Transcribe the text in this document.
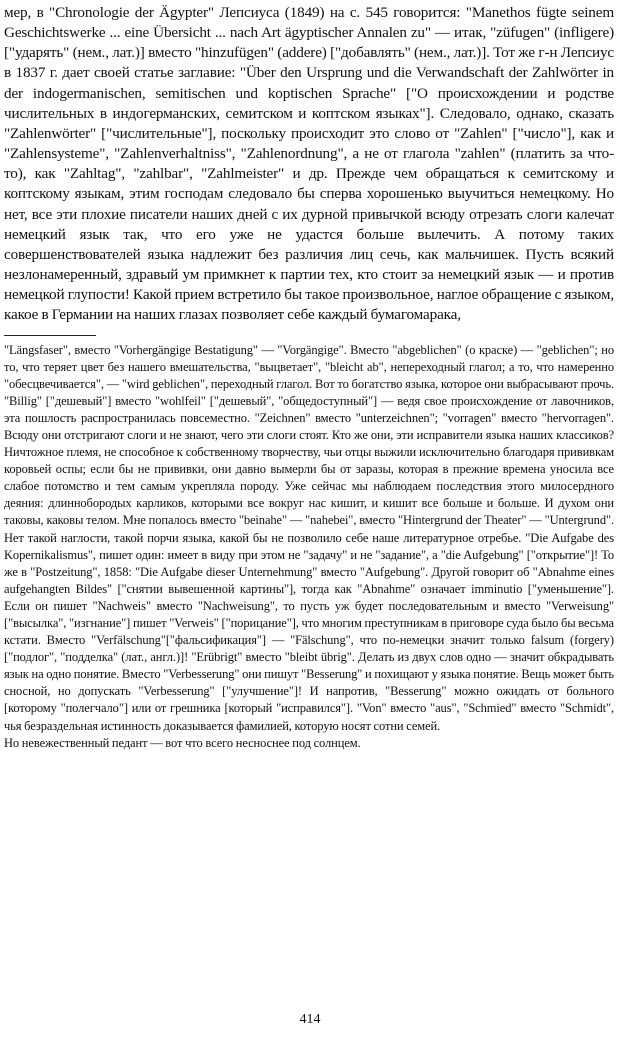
мер, в "Chronologie der Ägypter" Лепсиуса (1849) на с. 545 говорится: "Manethos fügte seinem Geschichtswerke ... eine Übersicht ... nach Art ägyptischer Annalen zu" — итак, "züfugen" (infligere) ["ударять" (нем., лат.)] вместо "hinzufügen" (addere) ["добавлять" (нем., лат.)]. Тот же г-н Лепсиус в 1837 г. дает своей статье заглавие: "Über den Ursprung und die Verwandschaft der Zahlwörter in der indogermanischen, semitischen und koptischen Sprache" ["О происхождении и родстве числительных в индогерманских, семитском и коптском языках"]. Следовало, однако, сказать "Zahlenwörter" ["числительные"], поскольку происходит это слово от "Zahlen" ["число"], как и "Zahlensysteme", "Zahlenverhaltniss", "Zahlenordnung", а не от глагола "zahlen" (платить за что-то), как "Zahltag", "zahlbar", "Zahlmeister" и др. Прежде чем обращаться к семитскому и коптскому языкам, этим господам следовало бы сперва хорошенько выучиться немецкому. Но нет, все эти плохие писатели наших дней с их дурной привычкой всюду отрезать слоги калечат немецкий язык так, что его уже не удастся больше вылечить. А потому таких совершенствователей языка надлежит без различия лиц сечь, как мальчишек. Пусть всякий незлонамеренный, здравый ум примкнет к партии тех, кто стоит за немецкий язык — и против немецкой глупости! Какой прием встретило бы такое произвольное, наглое обращение с языком, какое в Германии на наших глазах позволяет себе каждый бумагомарака,

"Längsfaser", вместо "Vorhergängige Bestatigung" — "Vorgängige". Вместо "abgeblichen" (о краске) — "geblichen"; но то, что теряет цвет без нашего вмешательства, "выцветает", "bleicht ab", непереходный глагол; а то, что намеренно "обесцвечивается", — "wird geblichen", переходный глагол. Вот то богатство языка, которое они выбрасывают прочь. "Billig" ["дешевый"] вместо "wohlfeil" ["дешевый", "общедоступный"] — ведя свое происхождение от лавочников, эта пошлость распространилась повсеместно. "Zeichnen" вместо "unterzeichnen"; "vorragen" вместо "hervorragen". Всюду они отстригают слоги и не знают, чего эти слоги стоят. Кто же они, эти исправители языка наших классиков? Ничтожное племя, не способное к собственному творчеству, чьи отцы выжили исключительно благодаря прививкам коровьей оспы; если бы не прививки, они давно вымерли бы от заразы, которая в прежние времена уносила все слабое потомство и тем самым укрепляла породу. Уже сейчас мы наблюдаем последствия этого милосердного деяния: длиннобородых карликов, которыми все вокруг нас кишит, и кишит все больше и больше. И духом они таковы, каковы телом. Мне попалось вместо "beinahe" — "nahebei", вместо "Hintergrund der Theater" — "Untergrund". Нет такой наглости, такой порчи языка, какой бы не позволило себе наше литературное отребье. "Die Aufgabe des Kopernikalismus", пишет один: имеет в виду при этом не "задачу" и не "задание", а "die Aufgebung" ["открытие"]! То же в "Postzeitung", 1858: "Die Aufgabe dieser Unternehmung" вместо "Aufgebung". Другой говорит об "Abnahme eines aufgehangten Bildes" ["снятии вывешенной картины"], тогда как "Abnahme" означает imminutio ["уменьшение"]. Если он пишет "Nachweis" вместо "Nachweisung", то пусть уж будет последовательным и вместо "Verweisung" ["высылка", "изгнание"] пишет "Verweis" ["порицание"], что многим преступникам в приговоре суда было бы весьма кстати. Вместо "Verfälschung"["фальсификация"] — "Fälschung", что по-немецки значит только falsum (forgery) ["подлог", "подделка" (лат., англ.)]! "Erübrigt" вместо "bleibt übrig". Делать из двух слов одно — значит обкрадывать язык на одно понятие. Вместо "Verbesserung" они пишут "Besserung" и похищают у языка понятие. Вещь может быть сносной, но допускать "Verbesserung" ["улучшение"]! И напротив, "Besserung" можно ожидать от больного [которому "полегчало"] или от грешника [который "исправился"]. "Von" вместо "aus", "Schmied" вместо "Schmidt", чья безраздельная истинность доказывается фамилией, которую носят сотни семей.

Но невежественный педант — вот что всего несноснее под солнцем.

414
